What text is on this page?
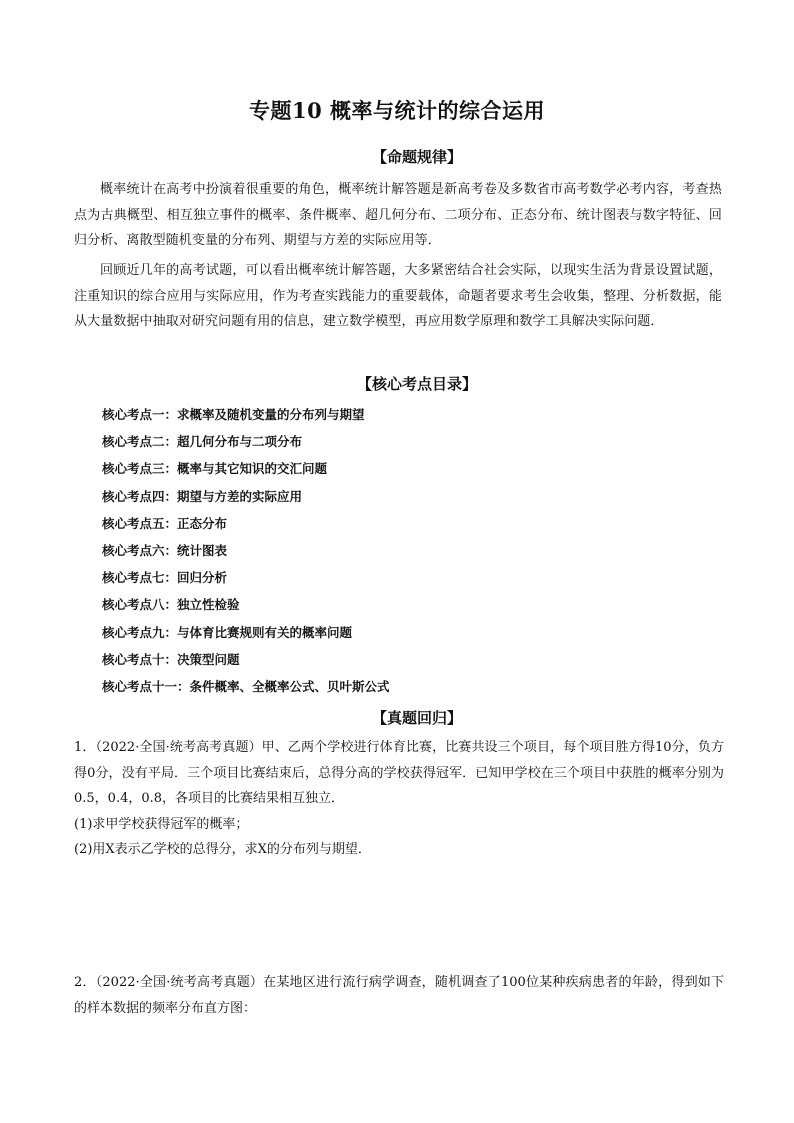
专题10 概率与统计的综合运用
【命题规律】
概率统计在高考中扮演着很重要的角色，概率统计解答题是新高考卷及多数省市高考数学必考内容，考查热点为古典概型、相互独立事件的概率、条件概率、超几何分布、二项分布、正态分布、统计图表与数字特征、回归分析、离散型随机变量的分布列、期望与方差的实际应用等．
回顾近几年的高考试题，可以看出概率统计解答题，大多紧密结合社会实际，以现实生活为背景设置试题，注重知识的综合应用与实际应用，作为考查实践能力的重要载体，命题者要求考生会收集，整理、分析数据，能从大量数据中抽取对研究问题有用的信息，建立数学模型，再应用数学原理和数学工具解决实际问题．
【核心考点目录】
核心考点一：求概率及随机变量的分布列与期望
核心考点二：超几何分布与二项分布
核心考点三：概率与其它知识的交汇问题
核心考点四：期望与方差的实际应用
核心考点五：正态分布
核心考点六：统计图表
核心考点七：回归分析
核心考点八：独立性检验
核心考点九：与体育比赛规则有关的概率问题
核心考点十：决策型问题
核心考点十一：条件概率、全概率公式、贝叶斯公式
【真题回归】

1．（2022·全国·统考高考真题）甲、乙两个学校进行体育比赛，比赛共设三个项目，每个项目胜方得10分，负方得0分，没有平局．三个项目比赛结束后，总得分高的学校获得冠军．已知甲学校在三个项目中获胜的概率分别为0.5，0.4，0.8，各项目的比赛结果相互独立．

(1)求甲学校获得冠军的概率；

(2)用X表示乙学校的总得分，求X的分布列与期望．

2．（2022·全国·统考高考真题）在某地区进行流行病学调查，随机调查了100位某种疾病患者的年龄，得到如下的样本数据的频率分布直方图：
